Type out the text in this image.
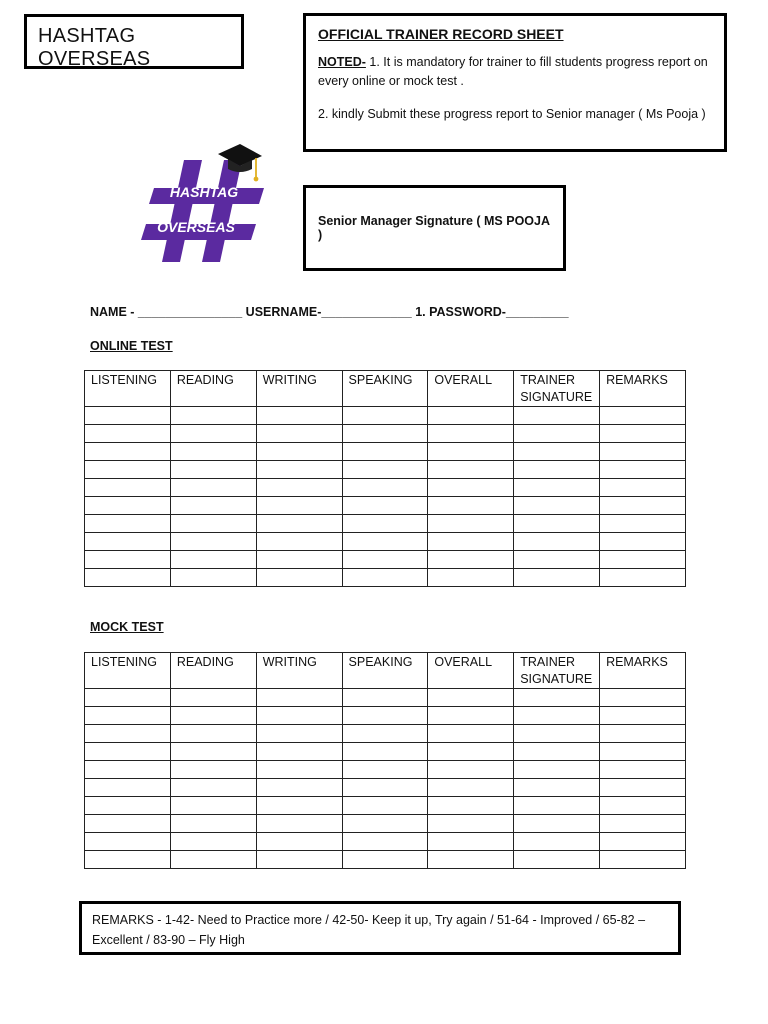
HASHTAG OVERSEAS
OFFICIAL TRAINER RECORD SHEET
NOTED- 1. It is mandatory for trainer to fill students progress report on every online or mock test .
2. kindly Submit these progress report to Senior manager ( Ms Pooja )
HASHTAG
OVERSEAS	Senior Manager Signature ( MS POOJA )
NAME - _______________ USERNAME-_____________ 1. PASSWORD-_________
ONLINE TEST
LISTENING	READING	WRITING	SPEAKING	OVERALL	TRAINER SIGNATURE	REMARKS

MOCK TEST
LISTENING	READING	WRITING	SPEAKING	OVERALL	TRAINER SIGNATURE	REMARKS

REMARKS - 1-42- Need to Practice more / 42-50- Keep it up, Try again / 51-64 - Improved / 65-82 – Excellent / 83-90 – Fly High
